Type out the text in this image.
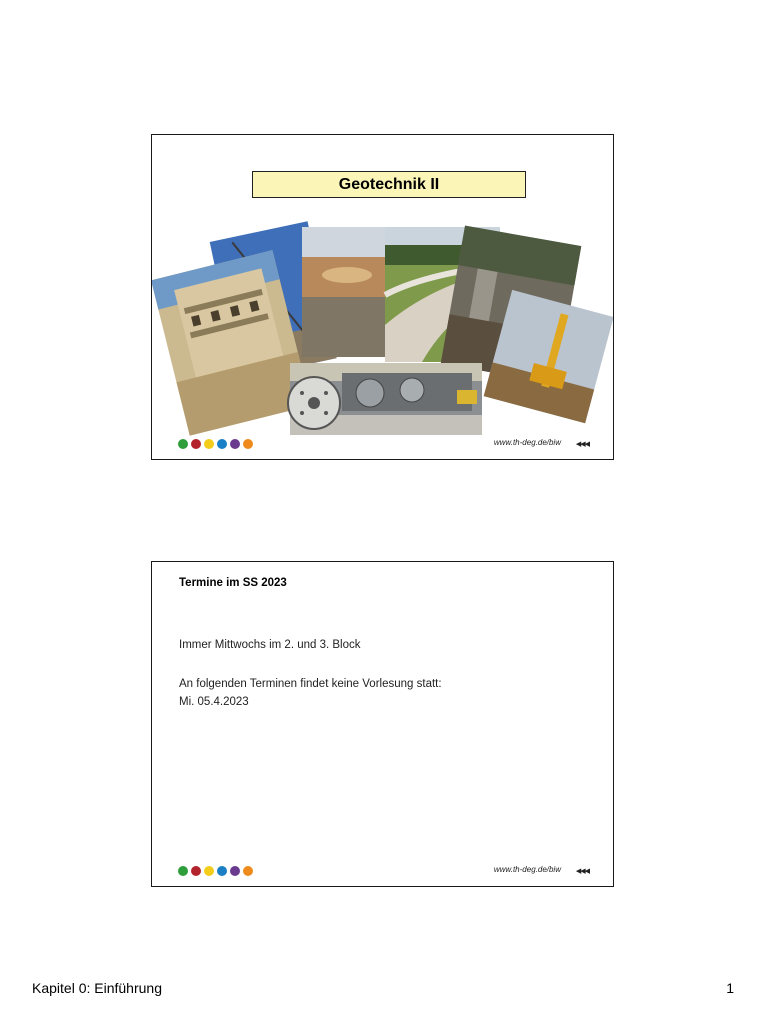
Geotechnik II
www.th-deg.de/biw ◀◀◀
Termine im SS 2023
Immer Mittwochs im 2. und 3. Block
An folgenden Terminen findet keine Vorlesung statt:
Mi. 05.4.2023
www.th-deg.de/biw ◀◀◀
Kapitel 0: Einführung	1
